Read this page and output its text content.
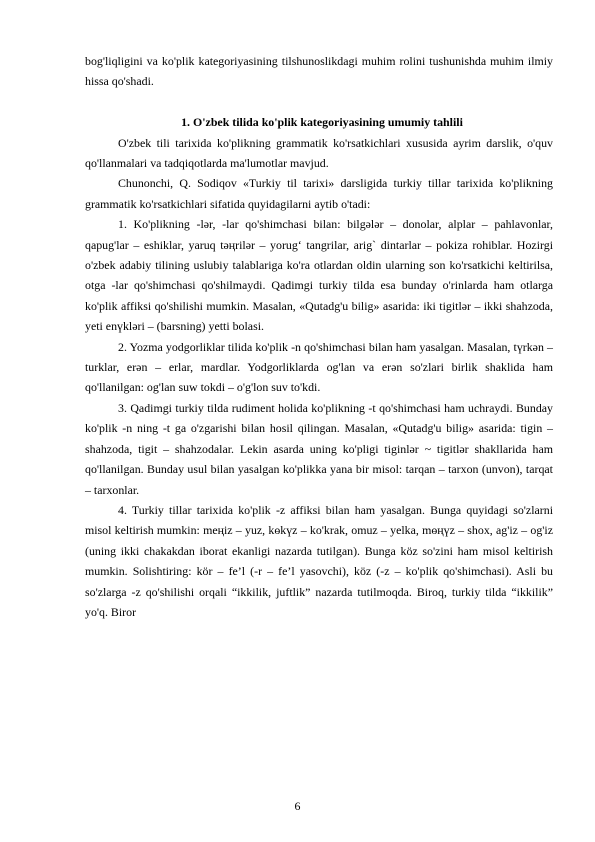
bog'liqligini va ko'plik kategoriyasining tilshunoslikdagi muhim rolini tushunishda muhim ilmiy hissa qo'shadi.

1. O'zbek tilida ko'plik kategoriyasining umumiy tahlili

O'zbek tili tarixida ko'plikning grammatik ko'rsatkichlari xususida ayrim darslik, o'quv qo'llanmalari va tadqiqotlarda ma'lumotlar mavjud.

Chunonchi, Q. Sodiqov «Turkiy til tarixi» darsligida turkiy tillar tarixida ko'plikning grammatik ko'rsatkichlari sifatida quyidagilarni aytib o'tadi:

1. Ko'plikning -lər, -lar qo'shimchasi bilan: bilgələr – donolar, alplar – pahlavonlar, qapug'lar – eshiklar, yaruq tәңrilәr – yorug‘ tangrilar, arig` dintarlar – pokiza rohiblar. Hozirgi o'zbek adabiy tilining uslubiy talablariga ko'ra otlardan oldin ularning son ko'rsatkichi keltirilsa, otga -lar qo'shimchasi qo'shilmaydi. Qadimgi turkiy tilda esa bunday o'rinlarda ham otlarga ko'plik affiksi qo'shilishi mumkin. Masalan, «Qutadg'u bilig» asarida: iki tigitlər – ikki shahzoda, yeti enүklәri – (barsning) yetti bolasi.

2. Yozma yodgorliklar tilida ko'plik -n qo'shimchasi bilan ham yasalgan. Masalan, tүrkәn – turklar, erәn – erlar, mardlar. Yodgorliklarda og'lan va erәn so'zlari birlik shaklida ham qo'llanilgan: og'lan suw tokdi – o'g'lon suv to'kdi.

3. Qadimgi turkiy tilda rudiment holida ko'plikning -t qo'shimchasi ham uchraydi. Bunday ko'plik -n ning -t ga o'zgarishi bilan hosil qilingan. Masalan, «Qutadg'u bilig» asarida: tigin – shahzoda, tigit – shahzodalar. Lekin asarda uning ko'pligi tiginlər ~ tigitlər shakllarida ham qo'llanilgan. Bunday usul bilan yasalgan ko'plikka yana bir misol: tarqan – tarxon (unvon), tarqat – tarxonlar.

4. Turkiy tillar tarixida ko'plik -z affiksi bilan ham yasalgan. Bunga quyidagi so'zlarni misol keltirish mumkin: meңiz – yuz, kөkүz – ko'krak, omuz – yelka, mөңүz – shox, ag'iz – og'iz (uning ikki chakakdan iborat ekanligi nazarda tutilgan). Bunga köz so'zini ham misol keltirish mumkin. Solishtiring: kör – fe’l (-r – fe’l yasovchi), köz (-z – ko'plik qo'shimchasi). Asli bu so'zlarga -z qo'shilishi orqali “ikkilik, juftlik” nazarda tutilmoqda. Biroq, turkiy tilda “ikkilik” yo'q. Biror

6
